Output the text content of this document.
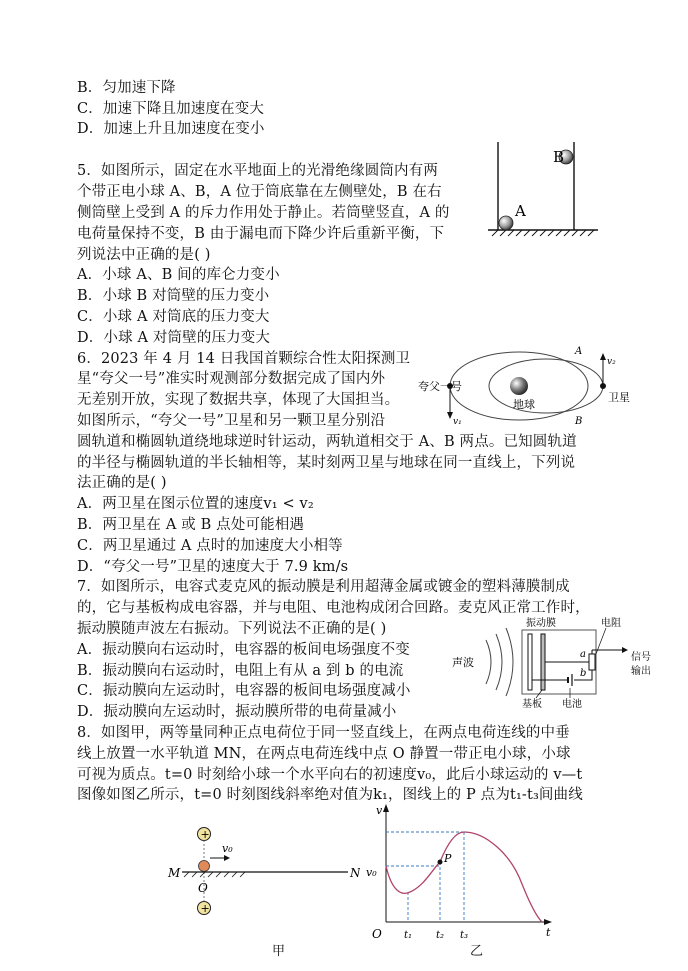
B．匀加速下降
C．加速下降且加速度在变大
D．加速上升且加速度在变小
5．如图所示，固定在水平地面上的光滑绝缘圆筒内有两
个带正电小球 A、B，A 位于筒底靠在左侧壁处，B 在右
侧筒壁上受到 A 的斥力作用处于静止。若筒壁竖直，A 的
电荷量保持不变，B 由于漏电而下降少许后重新平衡，下
列说法中正确的是( )
A．小球 A、B 间的库仑力变小
B．小球 B 对筒壁的压力变小
C．小球 A 对筒底的压力变大
D．小球 A 对筒壁的压力变大
6．2023 年 4 月 14 日我国首颗综合性太阳探测卫
星“夸父一号”准实时观测部分数据完成了国内外
无差别开放，实现了数据共享，体现了大国担当。
如图所示，“夸父一号”卫星和另一颗卫星分别沿
圆轨道和椭圆轨道绕地球逆时针运动，两轨道相交于 A、B 两点。已知圆轨道
的半径与椭圆轨道的半长轴相等，某时刻两卫星与地球在同一直线上，下列说
法正确的是( )
A．两卫星在图示位置的速度v₁ < v₂
B．两卫星在 A 或 B 点处可能相遇
C．两卫星通过 A 点时的加速度大小相等
D．“夸父一号”卫星的速度大于 7.9 km/s
7．如图所示，电容式麦克风的振动膜是利用超薄金属或镀金的塑料薄膜制成
的，它与基板构成电容器，并与电阻、电池构成闭合回路。麦克风正常工作时，
振动膜随声波左右振动。下列说法不正确的是( )
A．振动膜向右运动时，电容器的板间电场强度不变
B．振动膜向右运动时，电阻上有从 a 到 b 的电流
C．振动膜向左运动时，电容器的板间电场强度减小
D．振动膜向左运动时，振动膜所带的电荷量减小
8．如图甲，两等量同种正点电荷位于同一竖直线上，在两点电荷连线的中垂
线上放置一水平轨道 MN，在两点电荷连线中点 O 静置一带正电小球，小球
可视为质点。t=0 时刻给小球一个水平向右的初速度v₀，此后小球运动的 v—t
图像如图乙所示，t=0 时刻图线斜率绝对值为k₁，图线上的 P 点为t₁-t₃间曲线
A
B
夸父一号
地球
卫星
A
B
v₁
v₂
声波
a
b
振动膜	电阻
信号
输出
基板 电池
+
+
v₀
M	N
O
甲
P
v
v₀
O	t
t₁ t₂ t₃
乙
